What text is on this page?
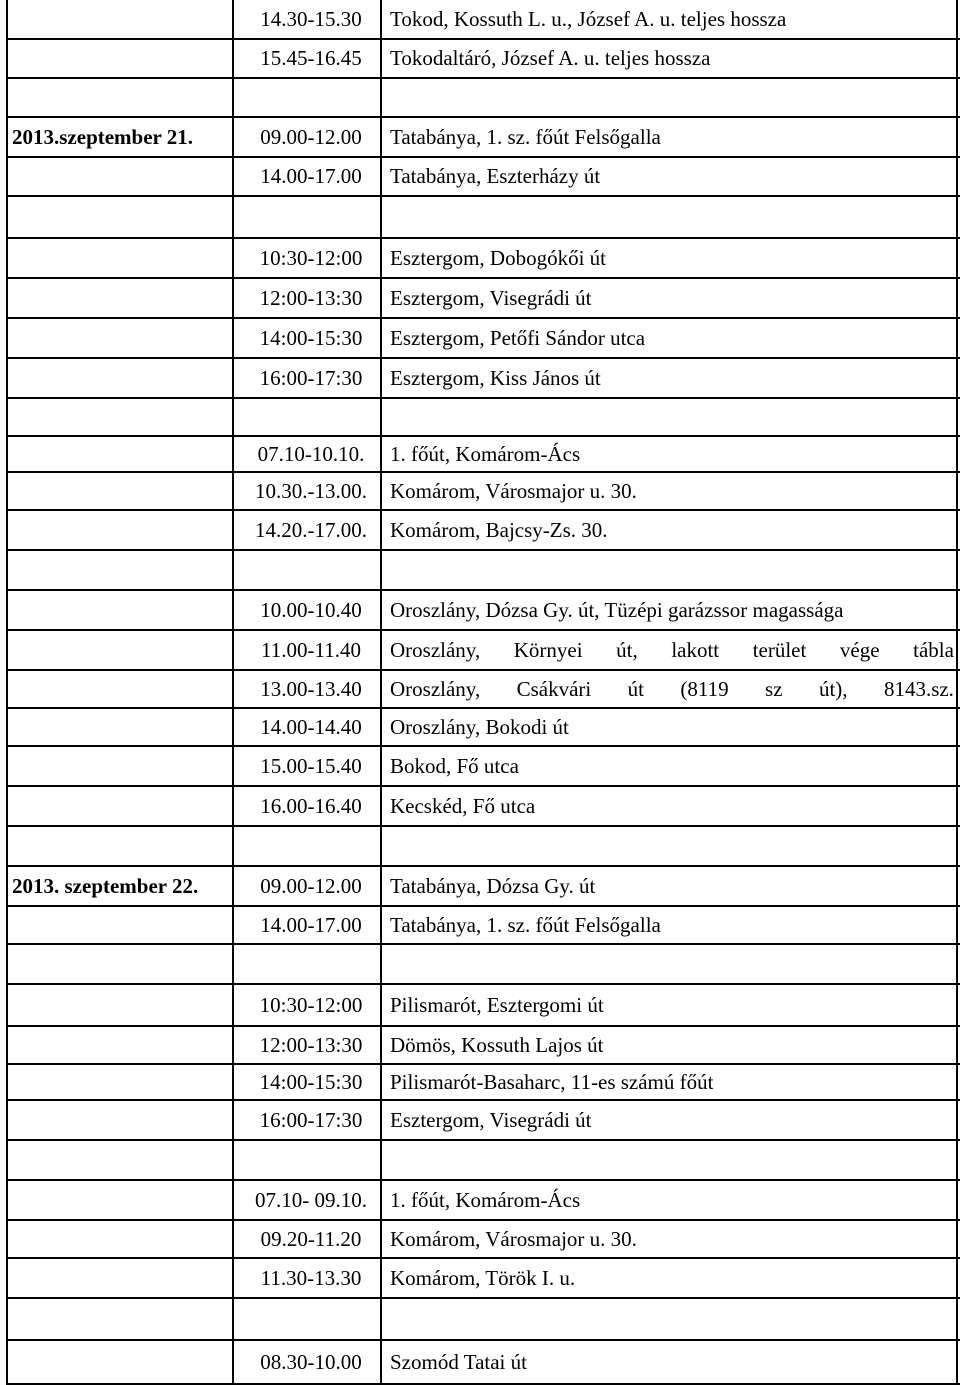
14.30-15.30	Tokod, Kossuth L. u., József A. u. teljes hossza
15.45-16.45	Tokodaltáró, József A. u. teljes hossza
2013.szeptember 21.	09.00-12.00	Tatabánya, 1. sz. főút Felsőgalla
14.00-17.00	Tatabánya, Eszterházy út
10:30-12:00	Esztergom, Dobogókői út
12:00-13:30	Esztergom, Visegrádi út
14:00-15:30	Esztergom, Petőfi Sándor utca
16:00-17:30	Esztergom, Kiss János út
07.10-10.10.	1. főút, Komárom-Ács
10.30.-13.00.	Komárom, Városmajor u. 30.
14.20.-17.00.	Komárom, Bajcsy-Zs. 30.
10.00-10.40	Oroszlány, Dózsa Gy. út, Tüzépi garázssor magassága
11.00-11.40	Oroszlány, Környei út, lakott terület vége tábla
13.00-13.40	Oroszlány, Csákvári út (8119 sz út), 8143.sz.
14.00-14.40	Oroszlány, Bokodi út
15.00-15.40	Bokod, Fő utca
16.00-16.40	Kecskéd, Fő utca
2013. szeptember 22.	09.00-12.00	Tatabánya, Dózsa Gy. út
14.00-17.00	Tatabánya, 1. sz. főút Felsőgalla
10:30-12:00	Pilismarót, Esztergomi út
12:00-13:30	Dömös, Kossuth Lajos út
14:00-15:30	Pilismarót-Basaharc, 11-es számú főút
16:00-17:30	Esztergom, Visegrádi út
07.10- 09.10.	1. főút, Komárom-Ács
09.20-11.20	Komárom, Városmajor u. 30.
11.30-13.30	Komárom, Török I. u.
08.30-10.00	Szomód Tatai út
